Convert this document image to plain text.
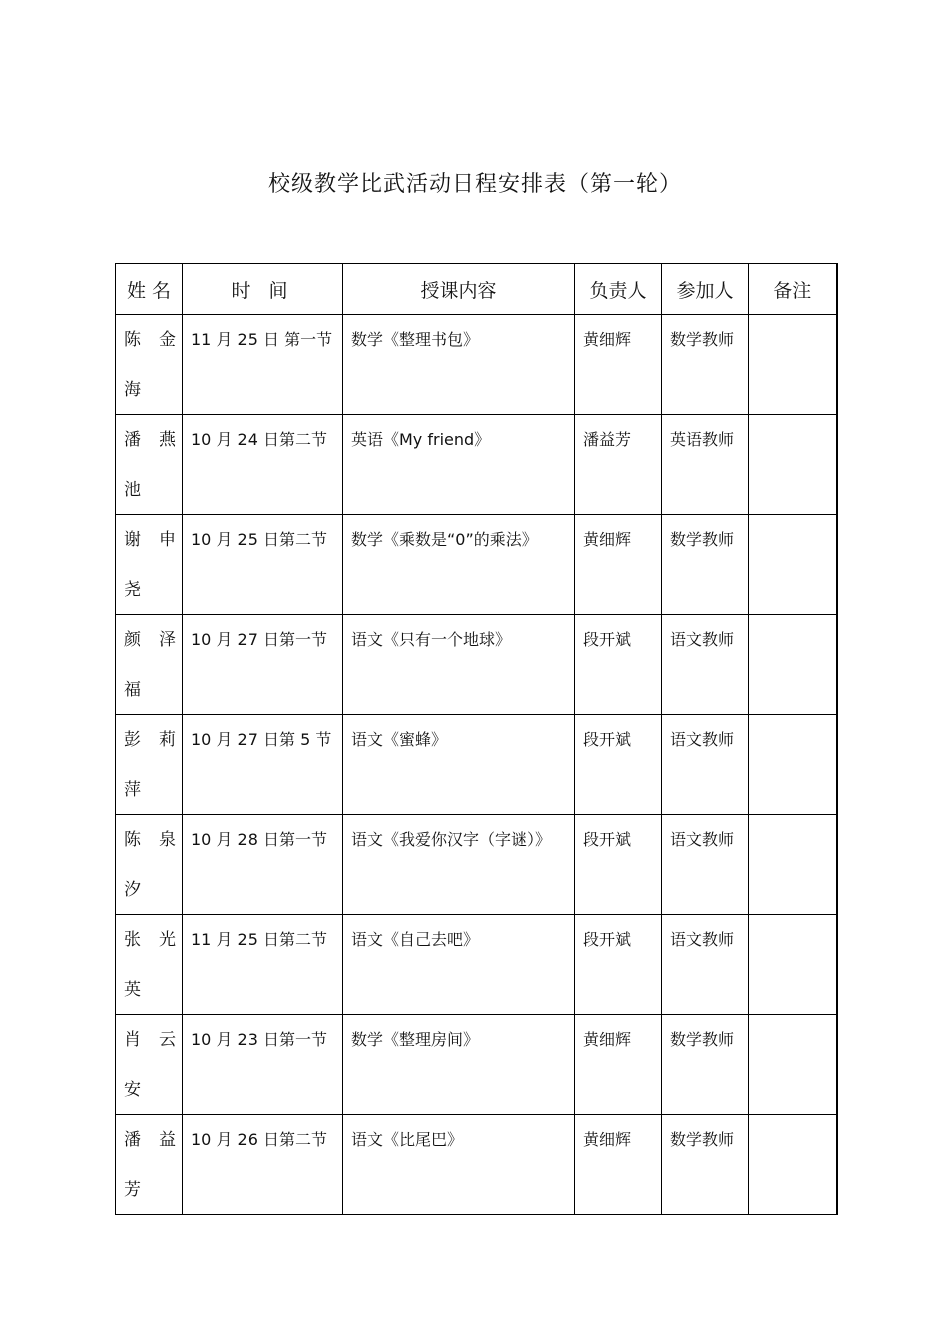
校级教学比武活动日程安排表（第一轮）
姓 名	时 间	授课内容	负责人	参加人	备注

陈 金
海	11 月 25 日 第一节	数学《整理书包》	黄细辉	数学教师	

潘 燕
池	10 月 24 日第二节	英语《My friend》	潘益芳	英语教师	

谢 申
尧	10 月 25 日第二节	数学《乘数是“0”的乘法》	黄细辉	数学教师	

颜 泽
福	10 月 27 日第一节	语文《只有一个地球》	段开斌	语文教师	

彭 莉
萍	10 月 27 日第 5 节	语文《蜜蜂》	段开斌	语文教师	

陈 泉
汐	10 月 28 日第一节	语文《我爱你汉字（字谜）》	段开斌	语文教师	

张 光
英	11 月 25 日第二节	语文《自己去吧》	段开斌	语文教师	

肖 云
安	10 月 23 日第一节	数学《整理房间》	黄细辉	数学教师	

潘 益
芳	10 月 26 日第二节	语文《比尾巴》	黄细辉	数学教师	
